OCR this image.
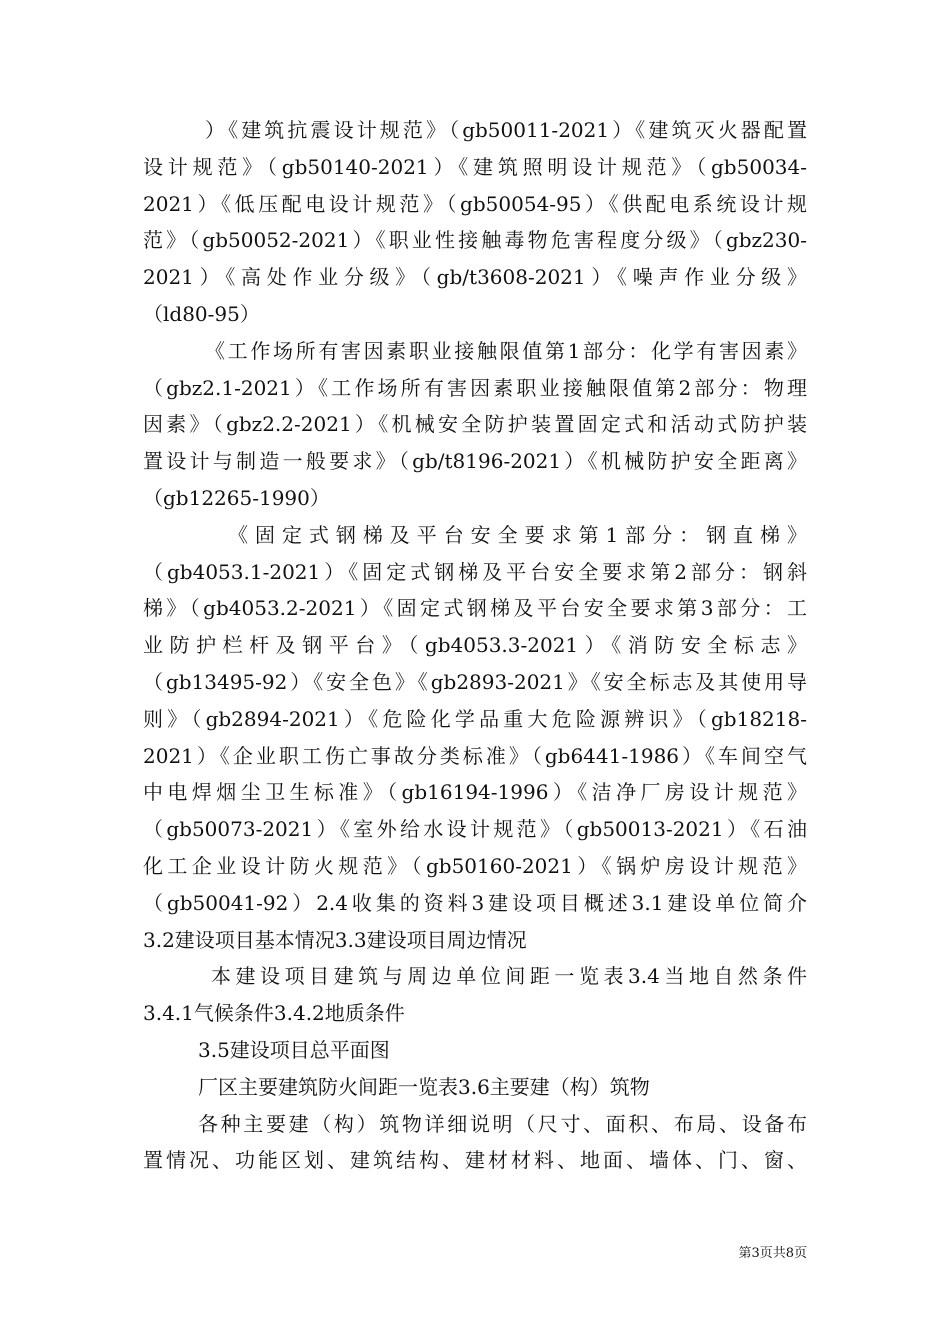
）《建筑抗震设计规范》（gb50011-2021）《建筑灭火器配置
设计规范》（gb50140-2021）《建筑照明设计规范》（gb50034-
2021）《低压配电设计规范》（gb50054-95）《供配电系统设计规
范》（gb50052-2021）《职业性接触毒物危害程度分级》（gbz230-
2021）《高处作业分级》（gb/t3608-2021）《噪声作业分级》
（ld80-95）
《工作场所有害因素职业接触限值第1部分：化学有害因素》
（gbz2.1-2021）《工作场所有害因素职业接触限值第2部分：物理
因素》（gbz2.2-2021）《机械安全防护装置固定式和活动式防护装
置设计与制造一般要求》（gb/t8196-2021）《机械防护安全距离》
（gb12265-1990）
《固定式钢梯及平台安全要求第1部分：钢直梯》
（gb4053.1-2021）《固定式钢梯及平台安全要求第2部分：钢斜
梯》（gb4053.2-2021）《固定式钢梯及平台安全要求第3部分：工
业防护栏杆及钢平台》（gb4053.3-2021）《消防安全标志》
（gb13495-92）《安全色》《gb2893-2021》《安全标志及其使用导
则》（gb2894-2021）《危险化学品重大危险源辨识》（gb18218-
2021）《企业职工伤亡事故分类标准》（gb6441-1986）《车间空气
中电焊烟尘卫生标准》（gb16194-1996）《洁净厂房设计规范》
（gb50073-2021）《室外给水设计规范》（gb50013-2021）《石油
化工企业设计防火规范》（gb50160-2021）《锅炉房设计规范》
（gb50041-92）2.4收集的资料3建设项目概述3.1建设单位简介
3.2建设项目基本情况3.3建设项目周边情况
本建设项目建筑与周边单位间距一览表3.4当地自然条件
3.4.1气候条件3.4.2地质条件
3.5建设项目总平面图
厂区主要建筑防火间距一览表3.6主要建（构）筑物
各种主要建（构）筑物详细说明（尺寸、面积、布局、设备布
置情况、功能区划、建筑结构、建材材料、地面、墙体、门、窗、
第3页共8页
